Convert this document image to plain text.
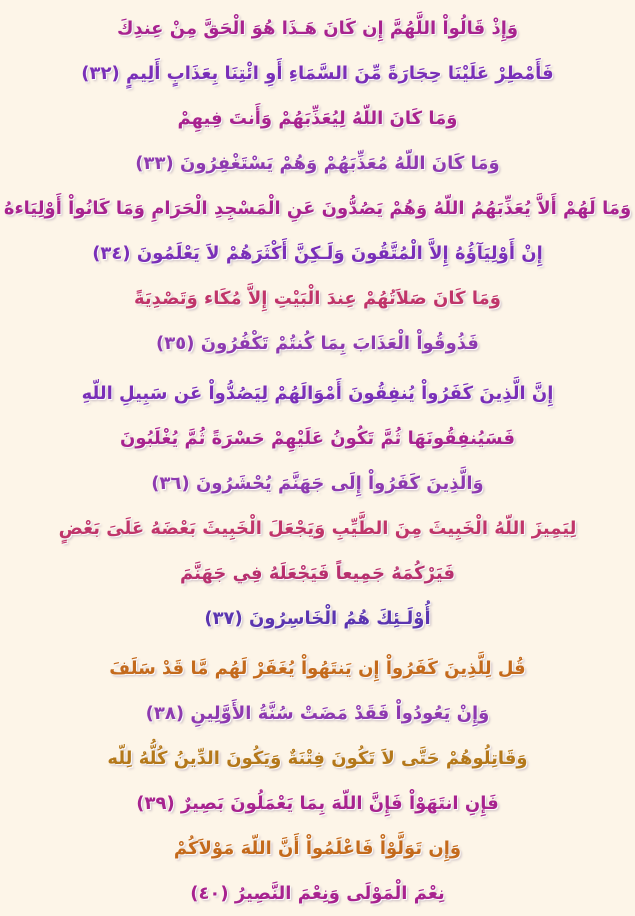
وَإِذْ قَالُواْ اللَّهُمَّ إِن كَانَ هَـذَا هُوَ الْحَقَّ مِنْ عِندِكَ
فَأَمْطِرْ عَلَيْنَا حِجَارَةً مِّنَ السَّمَاءِ أَوِ ائْتِنَا بِعَذَابٍ أَلِيمٍ (٣٢)
وَمَا كَانَ اللّهُ لِيُعَذِّبَهُمْ وَأَنتَ فِيهِمْ
وَمَا كَانَ اللّهُ مُعَذِّبَهُمْ وَهُمْ يَسْتَغْفِرُونَ (٣٣)
وَمَا لَهُمْ أَلاَّ يُعَذِّبَهُمُ اللّهُ وَهُمْ يَصُدُّونَ عَنِ الْمَسْجِدِ الْحَرَامِ وَمَا كَانُواْ أَوْلِيَاءهُ
إِنْ أَوْلِيَآؤُهُ إِلاَّ الْمُتَّقُونَ وَلَـكِنَّ أَكْثَرَهُمْ لاَ يَعْلَمُونَ (٣٤)
وَمَا كَانَ صَلاَتُهُمْ عِندَ الْبَيْتِ إِلاَّ مُكَاء وَتَصْدِيَةً
فَذُوقُواْ الْعَذَابَ بِمَا كُنتُمْ تَكْفُرُونَ (٣٥)
إِنَّ الَّذِينَ كَفَرُواْ يُنفِقُونَ أَمْوَالَهُمْ لِيَصُدُّواْ عَن سَبِيلِ اللّهِ
فَسَيُنفِقُونَهَا ثُمَّ تَكُونُ عَلَيْهِمْ حَسْرَةً ثُمَّ يُغْلَبُونَ
وَالَّذِينَ كَفَرُواْ إِلَى جَهَنَّمَ يُحْشَرُونَ (٣٦)
لِيَمِيزَ اللّهُ الْخَبِيثَ مِنَ الطَّيِّبِ وَيَجْعَلَ الْخَبِيثَ بَعْضَهُ عَلَىَ بَعْضٍ
فَيَرْكُمَهُ جَمِيعاً فَيَجْعَلَهُ فِي جَهَنَّمَ
أُوْلَـئِكَ هُمُ الْخَاسِرُونَ (٣٧)
قُل لِلَّذِينَ كَفَرُواْ إِن يَنتَهُواْ يُغَفَرْ لَهُم مَّا قَدْ سَلَفَ
وَإِنْ يَعُودُواْ فَقَدْ مَضَتْ سُنَّةُ الأَوَّلِينِ (٣٨)
وَقَاتِلُوهُمْ حَتَّى لاَ تَكُونَ فِتْنَةٌ وَيَكُونَ الدِّينُ كُلُّهُ لِلّه
فَإِنِ انتَهَوْاْ فَإِنَّ اللّهَ بِمَا يَعْمَلُونَ بَصِيرٌ (٣٩)
وَإِن تَوَلَّوْاْ فَاعْلَمُواْ أَنَّ اللّهَ مَوْلاَكُمْ
نِعْمَ الْمَوْلَى وَنِعْمَ النَّصِيرُ (٤٠)
